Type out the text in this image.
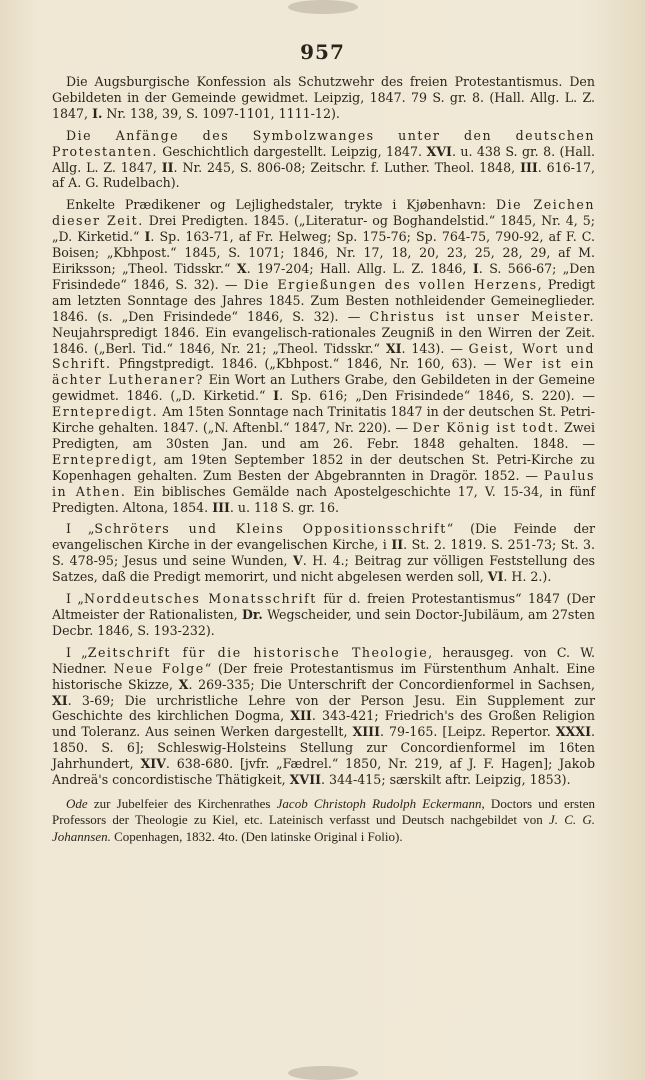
957

Die Augsburgische Konfession als Schutzwehr des freien Protestantismus. Den Gebildeten in der Gemeinde gewidmet. Leipzig, 1847. 79 S. gr. 8. (Hall. Allg. L. Z. 1847, I. Nr. 138, 39, S. 1097-1101, 1111-12).

Die Anfänge des Symbolzwanges unter den deutschen Protestanten. Geschichtlich dargestellt. Leipzig, 1847. XVI. u. 438 S. gr. 8. (Hall. Allg. L. Z. 1847, II. Nr. 245, S. 806-08; Zeitschr. f. Luther. Theol. 1848, III. 616-17, af A. G. Rudelbach).

Enkelte Prædikener og Lejlighedstaler, trykte i Kjøbenhavn: Die Zeichen dieser Zeit. Drei Predigten. 1845. („Literatur- og Boghandelstid.“ 1845, Nr. 4, 5; „D. Kirketid.“ I. Sp. 163-71, af Fr. Helweg; Sp. 175-76; Sp. 764-75, 790-92, af F. C. Boisen; „Kbhpost.“ 1845, S. 1071; 1846, Nr. 17, 18, 20, 23, 25, 28, 29, af M. Eiriksson; „Theol. Tidsskr.“ X. 197-204; Hall. Allg. L. Z. 1846, I. S. 566-67; „Den Frisindede“ 1846, S. 32). — Die Ergießungen des vollen Herzens, Predigt am letzten Sonntage des Jahres 1845. Zum Besten nothleidender Gemeineglieder. 1846. (s. „Den Frisindede“ 1846, S. 32). — Christus ist unser Meister. Neujahrspredigt 1846. Ein evangelisch-rationales Zeugniß in den Wirren der Zeit. 1846. („Berl. Tid.“ 1846, Nr. 21; „Theol. Tidsskr.“ XI. 143). — Geist, Wort und Schrift. Pfingstpredigt. 1846. („Kbhpost.“ 1846, Nr. 160, 63). — Wer ist ein ächter Lutheraner? Ein Wort an Luthers Grabe, den Gebildeten in der Gemeine gewidmet. 1846. („D. Kirketid.“ I. Sp. 616; „Den Frisindede“ 1846, S. 220). — Erntepredigt. Am 15ten Sonntage nach Trinitatis 1847 in der deutschen St. Petri-Kirche gehalten. 1847. („N. Aftenbl.“ 1847, Nr. 220). — Der König ist todt. Zwei Predigten, am 30sten Jan. und am 26. Febr. 1848 gehalten. 1848. — Erntepredigt, am 19ten September 1852 in der deutschen St. Petri-Kirche zu Kopenhagen gehalten. Zum Besten der Abgebrannten in Dragör. 1852. — Paulus in Athen. Ein biblisches Gemälde nach Apostelgeschichte 17, V. 15-34, in fünf Predigten. Altona, 1854. III. u. 118 S. gr. 16.

I „Schröters und Kleins Oppositionsschrift“ (Die Feinde der evangelischen Kirche in der evangelischen Kirche, i II. St. 2. 1819. S. 251-73; St. 3. S. 478-95; Jesus und seine Wunden, V. H. 4.; Beitrag zur völligen Feststellung des Satzes, daß die Predigt memorirt, und nicht abgelesen werden soll, VI. H. 2.).

I „Norddeutsches Monatsschrift für d. freien Protestantismus“ 1847 (Der Altmeister der Rationalisten, Dr. Wegscheider, und sein Doctor-Jubiläum, am 27sten Decbr. 1846, S. 193-232).

I „Zeitschrift für die historische Theologie, herausgeg. von C. W. Niedner. Neue Folge“ (Der freie Protestantismus im Fürstenthum Anhalt. Eine historische Skizze, X. 269-335; Die Unterschrift der Concordienformel in Sachsen, XI. 3-69; Die urchristliche Lehre von der Person Jesu. Ein Supplement zur Geschichte des kirchlichen Dogma, XII. 343-421; Friedrich's des Großen Religion und Toleranz. Aus seinen Werken dargestellt, XIII. 79-165. [Leipz. Repertor. XXXI. 1850. S. 6]; Schleswig-Holsteins Stellung zur Concordienformel im 16ten Jahrhundert, XIV. 638-680. [jvfr. „Fædrel.“ 1850, Nr. 219, af J. F. Hagen]; Jakob Andreä's concordistische Thätigkeit, XVII. 344-415; særskilt aftr. Leipzig, 1853).

Ode zur Jubelfeier des Kirchenrathes Jacob Christoph Rudolph Eckermann, Doctors und ersten Professors der Theologie zu Kiel, etc. Lateinisch verfasst und Deutsch nachgebildet von J. C. G. Johannsen. Copenhagen, 1832. 4to. (Den latinske Original i Folio).
